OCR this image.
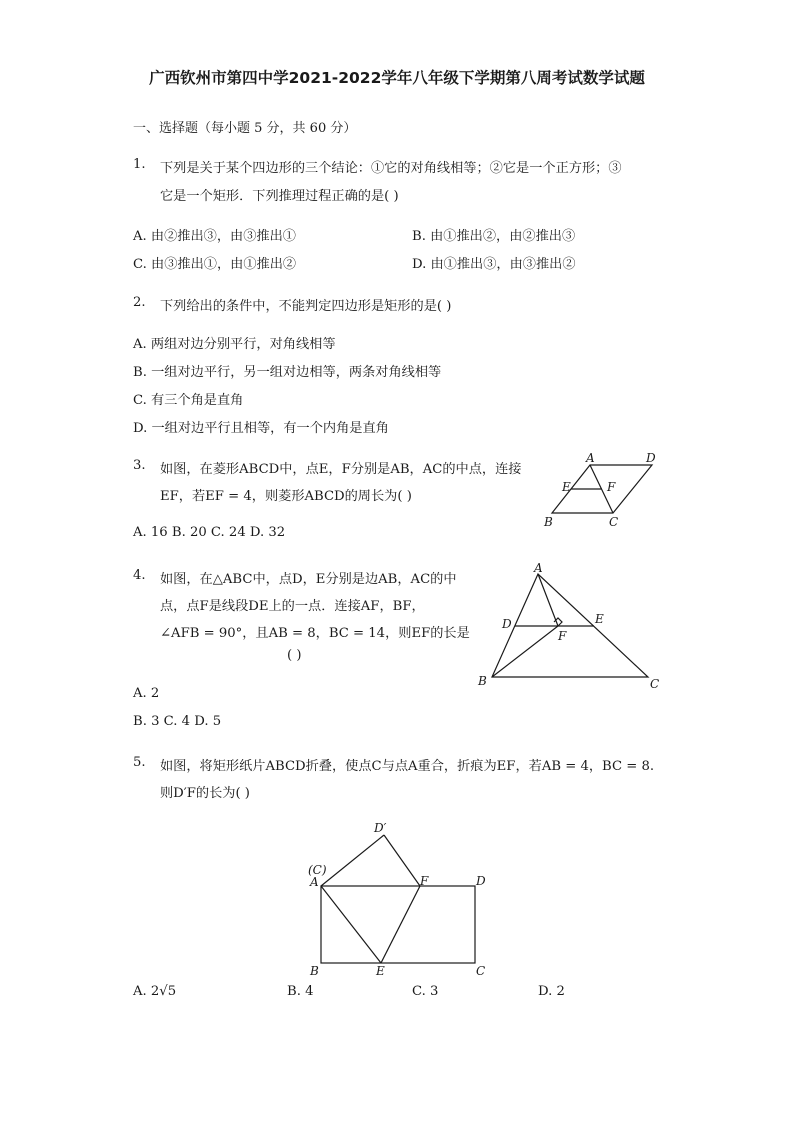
广西钦州市第四中学2021-2022学年八年级下学期第八周考试数学试题
一、选择题（每小题 5 分，共 60 分）
1. 下列是关于某个四边形的三个结论：①它的对角线相等；②它是一个正方形；③
它是一个矩形．下列推理过程正确的是( )
A. 由②推出③，由③推出①	B. 由①推出②，由②推出③
C. 由③推出①，由①推出②	D. 由①推出③，由③推出②
2. 下列给出的条件中，不能判定四边形是矩形的是( )
A. 两组对边分别平行，对角线相等
B. 一组对边平行，另一组对边相等，两条对角线相等
C. 有三个角是直角
D. 一组对边平行且相等，有一个内角是直角
3. 如图，在菱形ABCD中，点E，F分别是AB，AC的中点，连接
EF，若EF = 4，则菱形ABCD的周长为( )
A. 16 B. 20 C. 24 D. 32
A	D
E	F
B	C
4. 如图，在△ABC中，点D，E分别是边AB，AC的中
点，点F是线段DE上的一点．连接AF，BF，
∠AFB = 90°，且AB = 8，BC = 14，则EF的长是
( )
A. 2
B. 3 C. 4 D. 5
A
D	E
F
B	C
5. 如图，将矩形纸片ABCD折叠，使点C与点A重合，折痕为EF，若AB = 4，BC = 8.
则D′F的长为( )
D′
(C)
A	F	D
B	E	C
A. 2√5	B. 4	C. 3	D. 2
